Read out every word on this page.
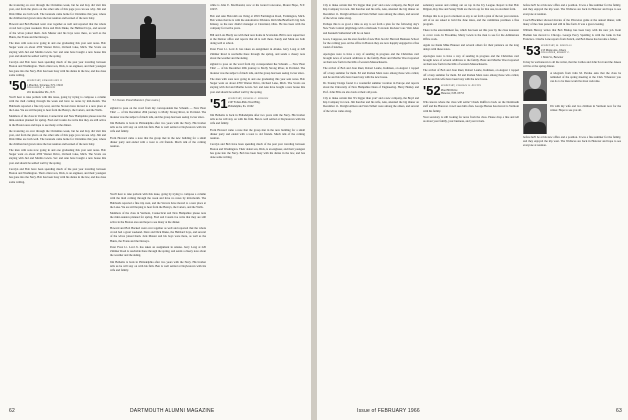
the trouncing on over through the Christmas week, but he and Kay did visit this year, and from the photo on the other side of this page you can see why. Jim and Dick Dilke are both well. The Granada came home for Christmas this year, where the children had grown since the last reunion and learned of the new baby.

Howard and Bob Bucked went over together as well and reported that the whole crowd had a great weekend. Dave and Dick Dieke, the Hubbard boys, and several of the wives joined them. Jack Muster and his boys were there, as well as the Hunts, the Evans and the Deweys.

The men with sons now going in and one graduating this year sent notes. Bob Steger went on about 4700 Warner Drive, Orchard Lake, Mich. The Scotts are staying with Jud and Martha Lewis. Sev and Ann have bought a new house this year and should be settled well by the spring.

Carolyn and Bob have been spending much of the past year traveling between Boston and Washington. Their oldest son, Dick, is an engineer, and their youngest has gone into the Navy. Bob has been busy with his duties in the law, and has done some writing.

'50 SECRETARY, EDWARD SIEN II
1 Pine Rd., Syracuse, N.Y. 13210
TREASURER, L. MELVIN
261 Rockefeller Plz., N.Y.

You'll hear to take potluck with this issue, going by trying to compose a column with the mail coming through the week and have no notes by mid-month. The Hubbards reported a fine trip west, and the Stovers have moved to a new place at the Lake. We are still hoping to hear from the Henrys, the Carters, and the Walls.

Members of the class in Vermont, Connecticut and New Hampshire please note the mini-reunion planned for spring. Fred and Cousin Joe write that they are still active in the Boston area and hope to see many at the dinner.

the trouncing on over through the Christmas week, but he and Kay did visit this year, and from the photo on the other side of this page you can see why. Jim and Dick Dilke are both well. The Granada came home for Christmas this year, where the children had grown since the last reunion and learned of the new baby.

The men with sons now going in and one graduating this year sent notes. Bob Steger went on about 4700 Warner Drive, Orchard Lake, Mich. The Scotts are staying with Jud and Martha Lewis. Sev and Ann have bought a new house this year and should be settled well by the spring.

Carolyn and Bob have been spending much of the past year traveling between Boston and Washington. Their oldest son, Dick, is an engineer, and their youngest has gone into the Navy. Bob has been busy with his duties in the law, and has done some writing.

'51 Ocean Pond Monster. (See notes.)

sighted to pose on the word from my correspondent Ike Schaum — Now Hear This! — of his December 20th journey to Molly Strong River, in Portland. The monster was the subject of much talk, and the group has been seeing it ever since.

Jim Hellems is back in Philadelphia after two years with the Navy. His brother tells us he will stay on with his firm. Ben is well settled at Doylestown with his wife and family.

From Howard came a note that the group met in the new building for a small dinner party and ended with a toast to old friends. Much talk of the coming reunion.

You'll hear to take potluck with this issue, going by trying to compose a column with the mail coming through the week and have no notes by mid-month. The Hubbards reported a fine trip west, and the Stovers have moved to a new place at the Lake. We are still hoping to hear from the Henrys, the Carters, and the Walls.

Members of the class in Vermont, Connecticut and New Hampshire please note the mini-reunion planned for spring. Fred and Cousin Joe write that they are still active in the Boston area and hope to see many at the dinner.

Howard and Bob Bucked went over together as well and reported that the whole crowd had a great weekend. Dave and Dick Dieke, the Hubbard boys, and several of the wives joined them. Jack Muster and his boys were there, as well as the Hunts, the Evans and the Deweys.

Peter Frost Lt. Lord Jr. has taken an assignment in Alaska. Jerry Long at 226 Zimmer Road is reachable there through the spring, and sends a cheery note about the weather and the skiing.

Jim Hellems is back in Philadelphia after two years with the Navy. His brother tells us he will stay on with his firm. Ben is well settled at Doylestown with his wife and family.

while is John E. MacDonald, now at his Grand Concourse, Mount Hope, N.Y. 10457.

Bob and Ann Holcomb are living at 2819 Farmington Road, Farmington, Mich. Bob writes that he is with the Automotive Division. Rich MacBradford's big Jack Kinney, as the new district manager at Cleveland, Ohio. He has been with the company for twelve years.

Bill and Lois Hardy are with their new home in Scottsdale. Bill is now supervisor at the Denver office and reports that all is well there. Sandy and Mark are both doing well at school.

Peter Frost Lt. Lord Jr. has taken an assignment in Alaska. Jerry Long at 226 Zimmer Road is reachable there through the spring, and sends a cheery note about the weather and the skiing.

sighted to pose on the word from my correspondent Ike Schaum — Now Hear This! — of his December 20th journey to Molly Strong River, in Portland. The monster was the subject of much talk, and the group has been seeing it ever since.

The men with sons now going in and one graduating this year sent notes. Bob Steger went on about 4700 Warner Drive, Orchard Lake, Mich. The Scotts are staying with Jud and Martha Lewis. Sev and Ann have bought a new house this year and should be settled well by the spring.

'51 SECRETARY, RUSSELL C. SHIELDS
2167 Follen-Philo Trust Bldg.
Philadelphia, Pa. 19102

Jim Hellems is back in Philadelphia after two years with the Navy. His brother tells us he will stay on with his firm. Ben is well settled at Doylestown with his wife and family.

From Howard came a note that the group met in the new building for a small dinner party and ended with a toast to old friends. Much talk of the coming reunion.

Carolyn and Bob have been spending much of the past year traveling between Boston and Washington. Their oldest son, Dick, is an engineer, and their youngest has gone into the Navy. Bob has been busy with his duties in the law, and has done some writing.

62	DARTMOUTH ALUMNI MAGAZINE

City to make certain that 'It's bigger than you!' and a new company, the Boyd and Kip Company in town. Jim Kercher and his wife, Ann, attended the big dinner on December 11. Dwight Allison and Stan Talbert were among the others, and several of the wives came along.

Perhaps this is as good a time as any to set forth a plan for the following day's New York Central pilgrimage with a midweek 'Colorado Rockies' tour. Walt Allen and Kenneth Sutherland will be on hand.

Goon, I suppose, see the stars fearful of new Bob Jacobs' Harvard Business School for the coming year. At the office in Boston they are now happily engaged in a fine round of lunches.

Apologies were to have a way of sending in progress and the Christmas card brought news of several additions to the family. Buzz and Martha Wood reported on their new farm in the hills of western Massachusetts.

The arrival of Bob and Joan Ruel, Robert Laurie, Kathleen, on August 1 topped off a busy summer for them. Ed and Roman Merz were among those who called, and he and his wife have been busy with the new house.

Dr. Stanley Dodge found it a wonderful summer vacation in Europe and reports about the University of New Hampshire Dean of Engineering. Harry Henley and Prof. John Ellis are also back at their old posts.

City to make certain that 'It's bigger than you!' and a new company, the Boyd and Kip Company in town. Jim Kercher and his wife, Ann, attended the big dinner on December 11. Dwight Allison and Stan Talbert were among the others, and several of the wives came along.

sedentary season and coming out on top in the Ivy League. Report is that Bob Dilgren, Ray Doe and Sonny Wahl are the trio up for that one, in excellent form.

Perhaps this is as good a moment as any to set forth a plan of the ten year reunion. All of us are asked to hold the June dates, and the committee promises a fine program.

There is the entertainment fee, which has been set this year by the class treasurer to cover costs. In Brookline, Marty Lewis is the man to see for the Admissions Office work.

Again we thank Mike Hausser and several others for their patience on the long delays with these notes.

Apologies were to have a way of sending in progress and the Christmas card brought news of several additions to the family. Buzz and Martha Wood reported on their new farm in the hills of western Massachusetts.

The arrival of Bob and Joan Ruel, Robert Laurie, Kathleen, on August 1 topped off a busy summer for them. Ed and Roman Merz were among those who called, and he and his wife have been busy with the new house.

'52 SECRETARY, CHARLES W. RUFFIN
Pine Hill Drive
Hanover, N.H. 03755

Who knows where the class will settle? Chuck Ruffin is back on the Dartmouth staff and the Hanover crowd sees him often. George Barnes has moved to Vermont with his family.

Your secretary is still looking for news from the class. Please drop a line and tell us about your family, your business, and your travels.

before he'll be at his new office and a position. It was a fine summer for the family, and they enjoyed the trip west. The Wallaces are back in Hanover and hope to see everyone at reunion.

Coach Blackmer showed movies of the Princeton game at the annual dinner, with many of the class present and still in fine form. It was a great evening.

William Harvey writes that Bob Bishop has been busy with his new job. Kent Hadden has moved to Chicago. George Percy Spalding is with the bank in San Francisco. Charlie Lane reports from Zurich, and Bob Reese has become a father.

'53 SECRETARY, M. DOUGLAS
213 Maple Ave., Ithaca
TREASURER, ROBERT C.
1 Main St., Brewster

It may be well-known to all the writer, that the Cattles and John Scott and the Janees will be at the spring dinner.

A telegram from John M. Purdue asks that the class be reminded of the spring meeting at the Club. Whatever you can do to be there would be most welcome.

I'm with my wife and two children in Vermont now for the winter. Hope to see you all.

before he'll be at his new office and a position. It was a fine summer for the family, and they enjoyed the trip west. The Wallaces are back in Hanover and hope to see everyone at reunion.

Issue of FEBRUARY 1966	63
